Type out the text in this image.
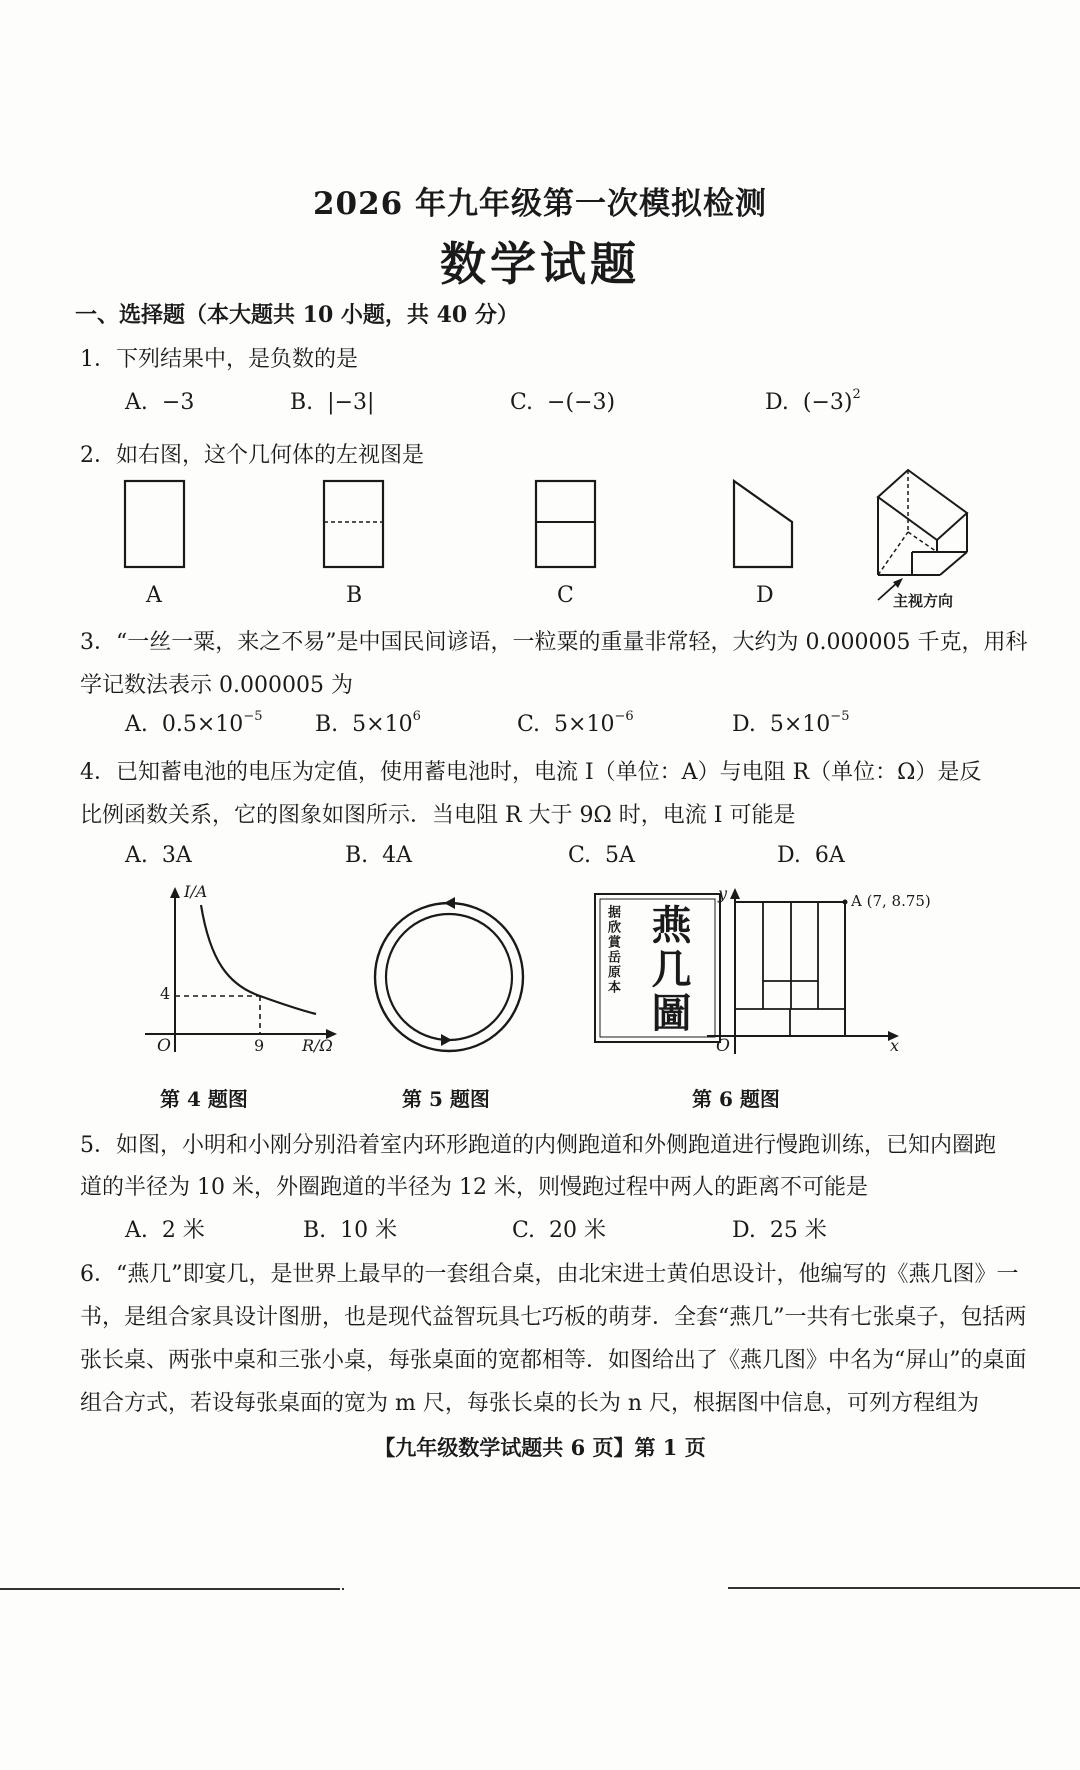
2026 年九年级第一次模拟检测
数学试题
一、选择题（本大题共 10 小题，共 40 分）
1．下列结果中，是负数的是
A. −3	B. |−3|	C. −(−3)	D. $(-3)^2$
2．如右图，这个几何体的左视图是
A	B	C	D	主视方向
3．“一丝一粟，来之不易”是中国民间谚语，一粒粟的重量非常轻，大约为 0.000005 千克，用科
学记数法表示 0.000005 为
A. $0.5\times 10^{-5}$ B. $5\times 10^6$	C. $5\times 10^{-6}$	D. $5\times 10^{-5}$
4．已知蓄电池的电压为定值，使用蓄电池时，电流 I（单位：A）与电阻 R（单位：Ω）是反
比例函数关系，它的图象如图所示．当电阻 R 大于 9Ω 时，电流 I 可能是
A. 3A	B. 4A	C. 5A	D. 6A
I/A
4
O	9 R/Ω
据欣賞岳原本 燕几圖
y	A (7, 8.75)
O	x
第 4 题图	第 5 题图	第 6 题图
5．如图，小明和小刚分别沿着室内环形跑道的内侧跑道和外侧跑道进行慢跑训练，已知内圈跑
道的半径为 10 米，外圈跑道的半径为 12 米，则慢跑过程中两人的距离不可能是
A. 2 米	B. 10 米	C. 20 米	D. 25 米
6．“燕几”即宴几，是世界上最早的一套组合桌，由北宋进士黄伯思设计，他编写的《燕几图》一
书，是组合家具设计图册，也是现代益智玩具七巧板的萌芽．全套“燕几”一共有七张桌子，包括两
张长桌、两张中桌和三张小桌，每张桌面的宽都相等．如图给出了《燕几图》中名为“屏山”的桌面
组合方式，若设每张桌面的宽为 m 尺，每张长桌的长为 n 尺，根据图中信息，可列方程组为
【九年级数学试题共 6 页】第 1 页
